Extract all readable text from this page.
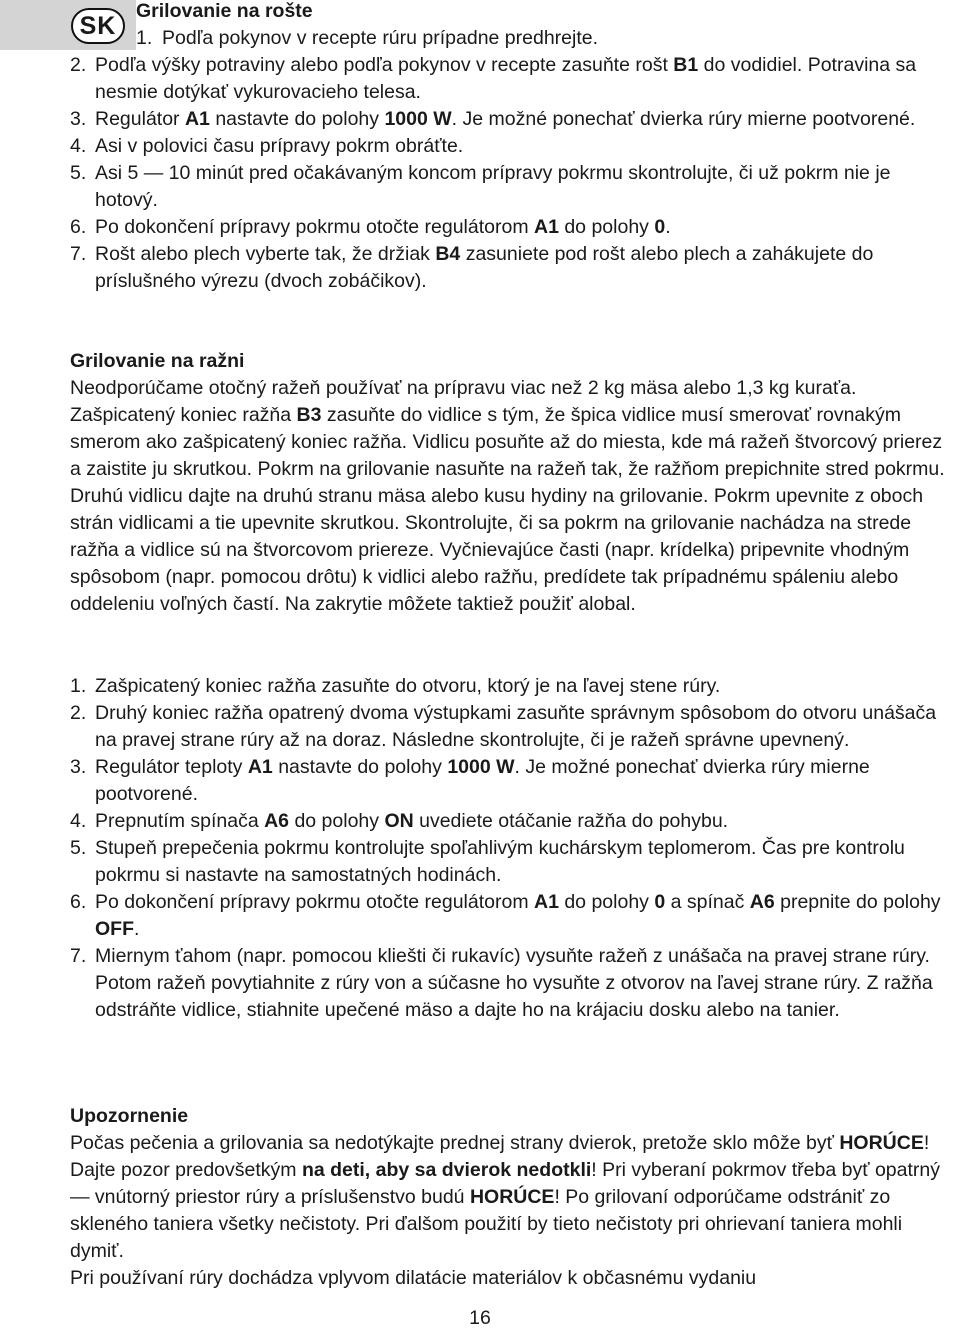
SK
Grilovanie na rošte
1. Podľa pokynov v recepte rúru prípadne predhrejte.
2. Podľa výšky potraviny alebo podľa pokynov v recepte zasuňte rošt B1 do vodidiel. Potravina sa nesmie dotýkať vykurovacieho telesa.
3. Regulátor A1 nastavte do polohy 1000 W. Je možné ponechať dvierka rúry mierne pootvorené.
4. Asi v polovici času prípravy pokrm obráťte.
5. Asi 5 — 10 minút pred očakávaným koncom prípravy pokrmu skontrolujte, či už pokrm nie je hotový.
6. Po dokončení prípravy pokrmu otočte regulátorom A1 do polohy 0.
7. Rošt alebo plech vyberte tak, že držiak B4 zasuniete pod rošt alebo plech a zahákujete do príslušného výrezu (dvoch zobáčikov).
Grilovanie na ražni
Neodporúčame otočný ražeň používať na prípravu viac než 2 kg mäsa alebo 1,3 kg kuraťa. Zašpicatený koniec ražňa B3 zasuňte do vidlice s tým, že špica vidlice musí smerovať rovnakým smerom ako zašpicatený koniec ražňa. Vidlicu posuňte až do miesta, kde má ražeň štvorcový prierez a zaistite ju skrutkou. Pokrm na grilovanie nasuňte na ražeň tak, že ražňom prepichnite stred pokrmu. Druhú vidlicu dajte na druhú stranu mäsa alebo kusu hydiny na grilovanie. Pokrm upevnite z oboch strán vidlicami a tie upevnite skrutkou. Skontrolujte, či sa pokrm na grilovanie nachádza na strede ražňa a vidlice sú na štvorcovom priereze. Vyčnievajúce časti (napr. krídelka) pripevnite vhodným spôsobom (napr. pomocou drôtu) k vidlici alebo ražňu, predídete tak prípadnému spáleniu alebo oddeleniu voľných častí. Na zakrytie môžete taktiež použiť alobal.
1. Zašpicatený koniec ražňa zasuňte do otvoru, ktorý je na ľavej stene rúry.
2. Druhý koniec ražňa opatrený dvoma výstupkami zasuňte správnym spôsobom do otvoru unášača na pravej strane rúry až na doraz. Následne skontrolujte, či je ražeň správne upevnený.
3. Regulátor teploty A1 nastavte do polohy 1000 W. Je možné ponechať dvierka rúry mierne pootvorené.
4. Prepnutím spínača A6 do polohy ON uvediete otáčanie ražňa do pohybu.
5. Stupeň prepečenia pokrmu kontrolujte spoľahlivým kuchárskym teplomerom. Čas pre kontrolu pokrmu si nastavte na samostatných hodinách.
6. Po dokončení prípravy pokrmu otočte regulátorom A1 do polohy 0 a spínač A6 prepnite do polohy OFF.
7. Miernym ťahom (napr. pomocou kliešti či rukavíc) vysuňte ražeň z unášača na pravej strane rúry. Potom ražeň povytiahnite z rúry von a súčasne ho vysuňte z otvorov na ľavej strane rúry. Z ražňa odstráňte vidlice, stiahnite upečené mäso a dajte ho na krájaciu dosku alebo na tanier.
Upozornenie
Počas pečenia a grilovania sa nedotýkajte prednej strany dvierok, pretože sklo môže byť HORÚCE! Dajte pozor predovšetkým na deti, aby sa dvierok nedotkli! Pri vyberaní pokrmov třeba byť opatrný — vnútorný priestor rúry a príslušenstvo budú HORÚCE! Po grilovaní odporúčame odstrániť zo skleného taniera všetky nečistoty. Pri ďalšom použití by tieto nečistoty pri ohrievaní taniera mohli dymiť.
Pri používaní rúry dochádza vplyvom dilatácie materiálov k občasnému vydaniu
16
